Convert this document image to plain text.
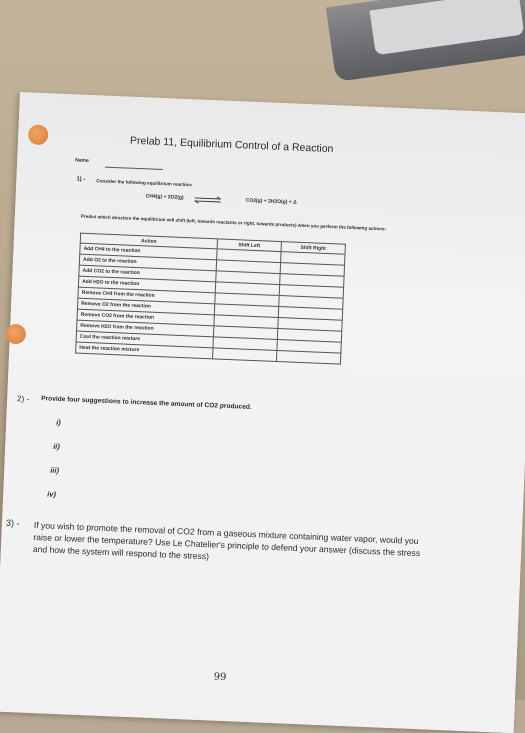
Prelab 11, Equilibrium Control of a Reaction
Name
1) - Consider the following equilibrium reaction:
CH4(g) + 2O2(g) ⇌	CO2(g) + 2H2O(g) + Δ
Predict which direction the equilibrium will shift (left, towards reactants or right, towards products) when you perform the following actions:
Action	Shift Left	Shift Right
Add CH4 to the reaction		
Add O2 to the reaction		
Add CO2 to the reaction		
Add H2O to the reaction		
Remove CH4 from the reaction		
Remove O2 from the reaction		
Remove CO2 from the reaction		
Remove H2O from the reaction		
Cool the reaction mixture		
Heat the reaction mixture		
2) - Provide four suggestions to increase the amount of CO2 produced.
i)
ii)
iii)
iv)
3) - If you wish to promote the removal of CO2 from a gaseous mixture containing water vapor, would you raise or lower the temperature? Use Le Chatelier's principle to defend your answer (discuss the stress and how the system will respond to the stress)
99
